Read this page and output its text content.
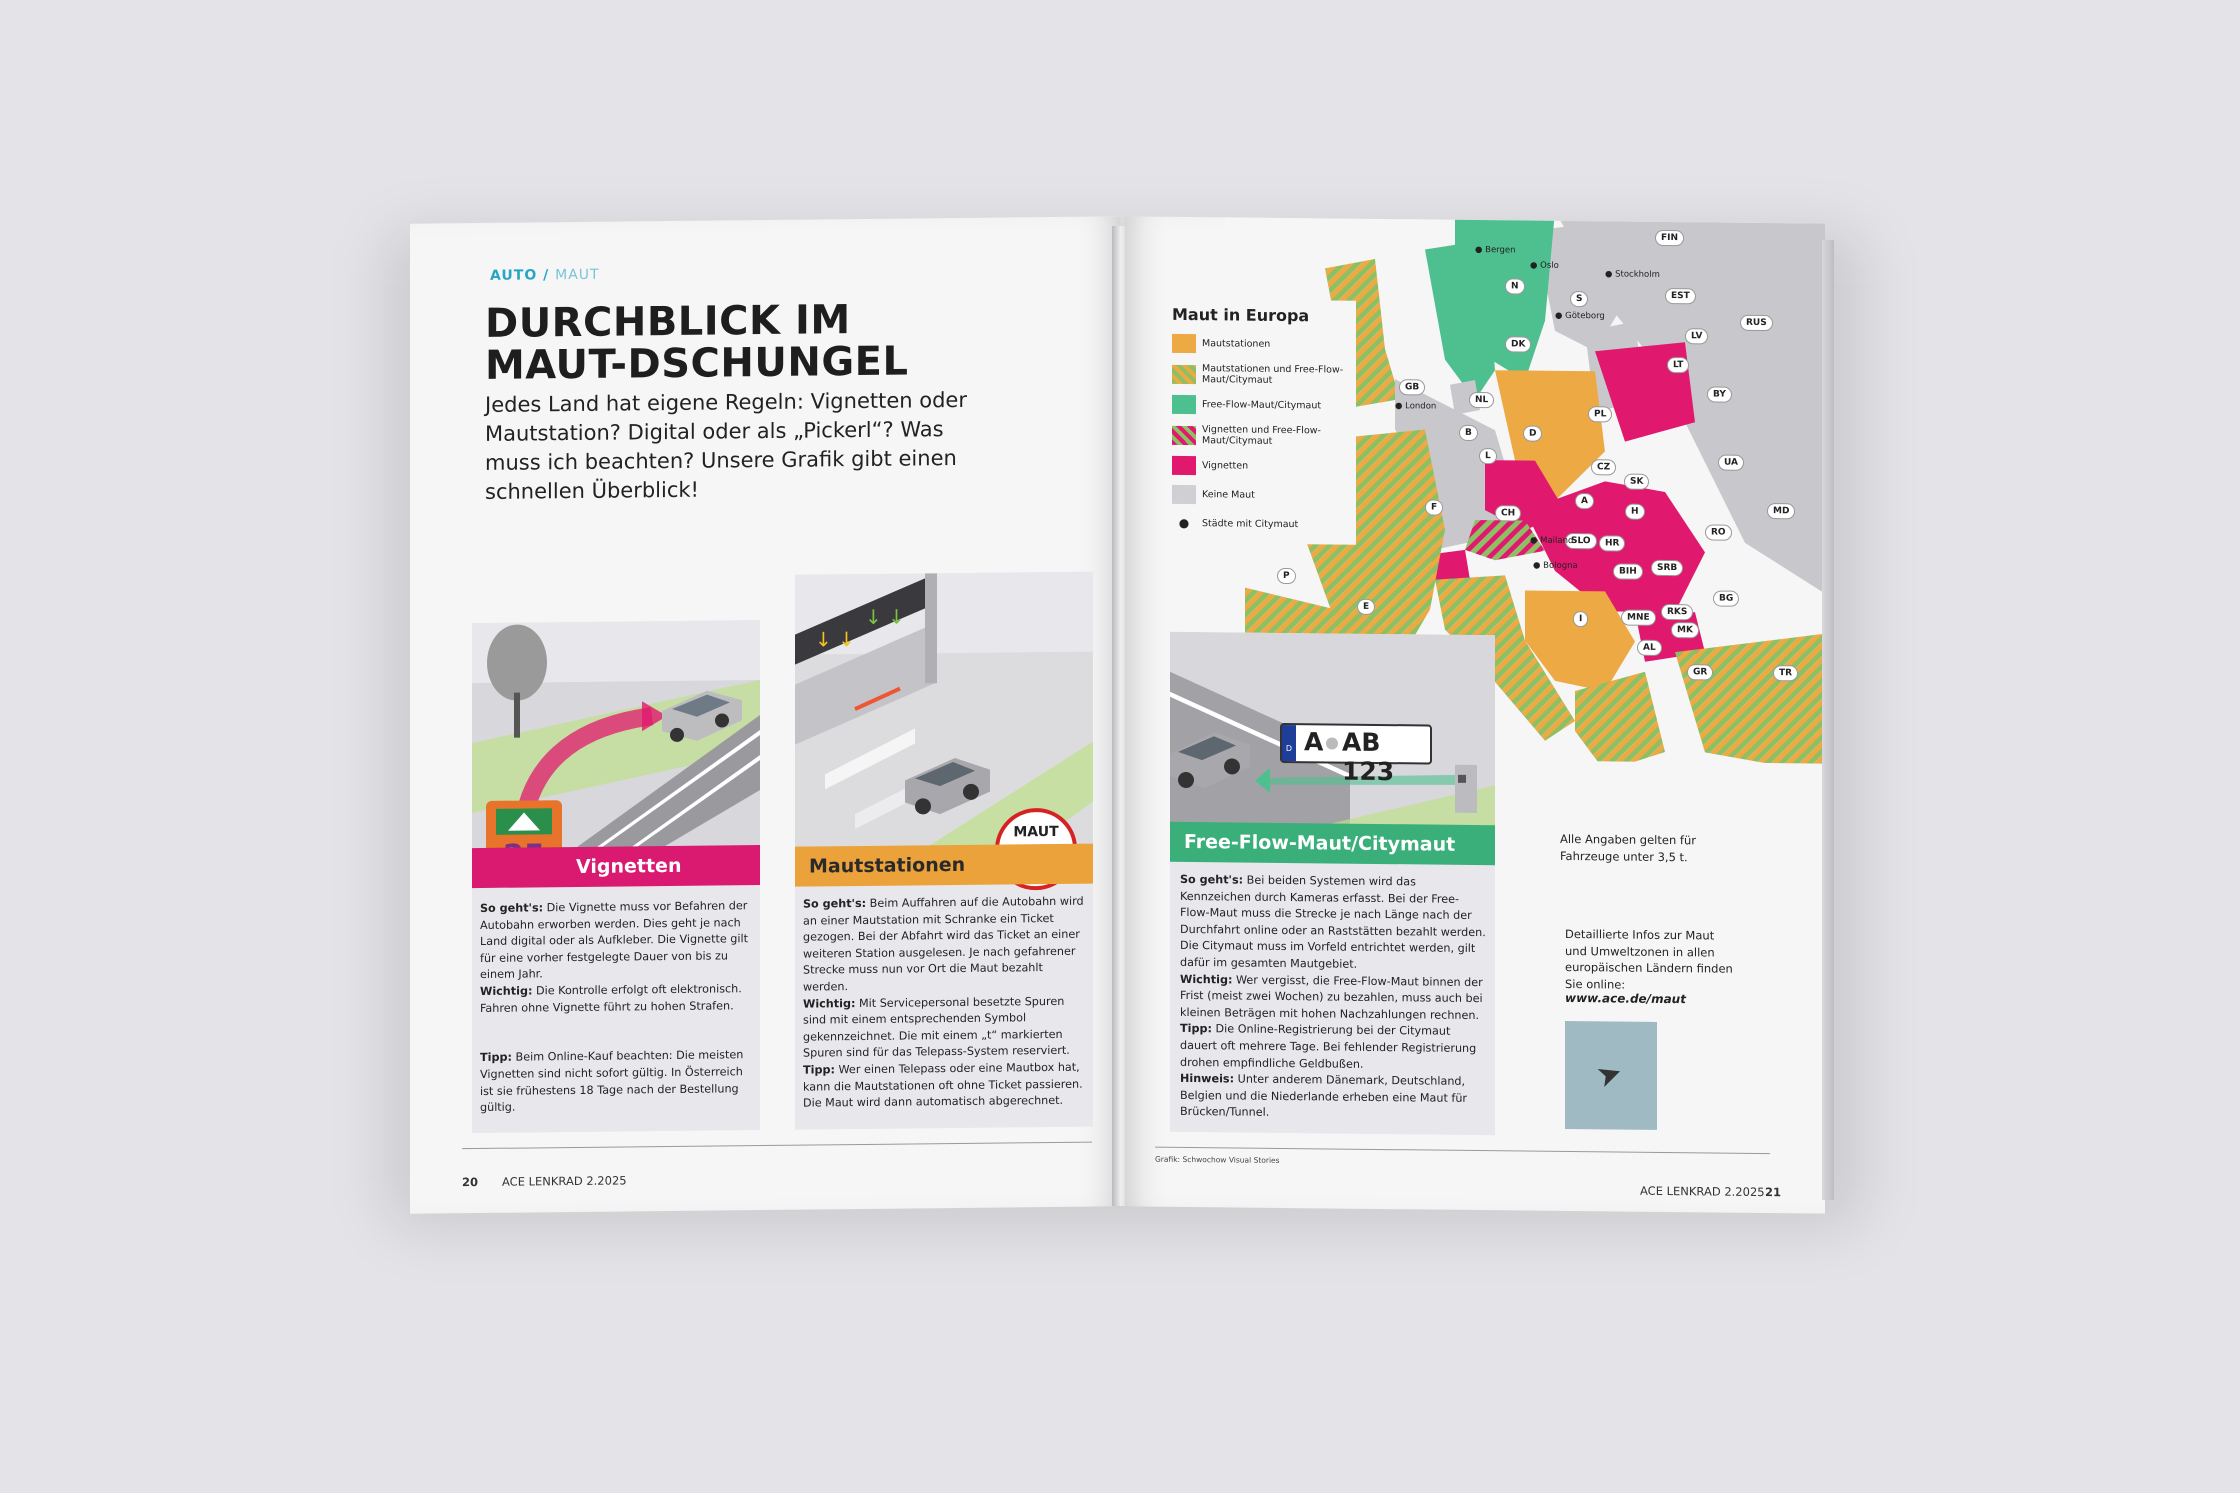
AUTO / MAUT
DURCHBLICK IM
MAUT-DSCHUNGEL
Jedes Land hat eigene Regeln: Vignetten oder Mautstation? Digital oder als „Pickerl“? Was muss ich beachten? Unsere Grafik gibt einen schnellen Überblick!
Vignetten
So geht's: Die Vignette muss vor Befahren der Autobahn erworben werden. Dies geht je nach Land digital oder als Aufkleber. Die Vignette gilt für eine vorher festgelegte Dauer von bis zu einem Jahr.
Wichtig: Die Kontrolle erfolgt oft elektronisch. Fahren ohne Vignette führt zu hohen Strafen.

Tipp: Beim Online-Kauf beachten: Die meisten Vignetten sind nicht sofort gültig. In Österreich ist sie frühestens 18 Tage nach der Bestellung gültig.
↓ ↓
↓ ↓
MAUT
Mautstationen
So geht's: Beim Auffahren auf die Autobahn wird an einer Mautstation mit Schranke ein Ticket gezogen. Bei der Abfahrt wird das Ticket an einer weiteren Station ausgelesen. Je nach gefahrener Strecke muss nun vor Ort die Maut bezahlt werden.
Wichtig: Mit Servicepersonal besetzte Spuren sind mit einem entsprechenden Symbol gekennzeichnet. Die mit einem „t“ markierten Spuren sind für das Telepass-System reserviert.
Tipp: Wer einen Telepass oder eine Mautbox hat, kann die Mautstationen oft ohne Ticket passieren. Die Maut wird dann automatisch abgerechnet.
20 ACE LENKRAD 2.2025
FIN
N
S	EST
RUS
LV
LT
DK
GB
NL
BY
PL
D
B
L
UA
CZ
SK
F
CH
A
H	MD
RO
SLO	HR
BIH	SRB
BG
P
E
I	MNE
RKS
MK
AL
GR	TR
● Bergen
● Oslo
● Stockholm
● Göteborg
● London
● Mailand
● Bologna
Maut in Europa
Mautstationen
Mautstationen und Free-Flow-Maut/Citymaut
Free-Flow-Maut/Citymaut
Vignetten und Free-Flow-Maut/Citymaut
Vignetten
Keine Maut
●	Städte mit Citymaut
D A AB 123
Free-Flow-Maut/Citymaut
So geht's: Bei beiden Systemen wird das Kennzeichen durch Kameras erfasst. Bei der Free-Flow-Maut muss die Strecke je nach Länge nach der Durchfahrt online oder an Raststätten bezahlt werden. Die Citymaut muss im Vorfeld entrichtet werden, gilt dafür im gesamten Mautgebiet.
Wichtig: Wer vergisst, die Free-Flow-Maut binnen der Frist (meist zwei Wochen) zu bezahlen, muss auch bei kleinen Beträgen mit hohen Nachzahlungen rechnen.
Tipp: Die Online-Registrierung bei der Citymaut dauert oft mehrere Tage. Bei fehlender Registrierung drohen empfindliche Geldbußen.
Hinweis: Unter anderem Dänemark, Deutschland, Belgien und die Niederlande erheben eine Maut für Brücken/Tunnel.
Alle Angaben gelten für Fahrzeuge unter 3,5 t.
Detaillierte Infos zur Maut und Umweltzonen in allen europäischen Ländern finden Sie online:
www.ace.de/maut
➤
Grafik: Schwochow Visual Stories
ACE LENKRAD 2.2025 21
